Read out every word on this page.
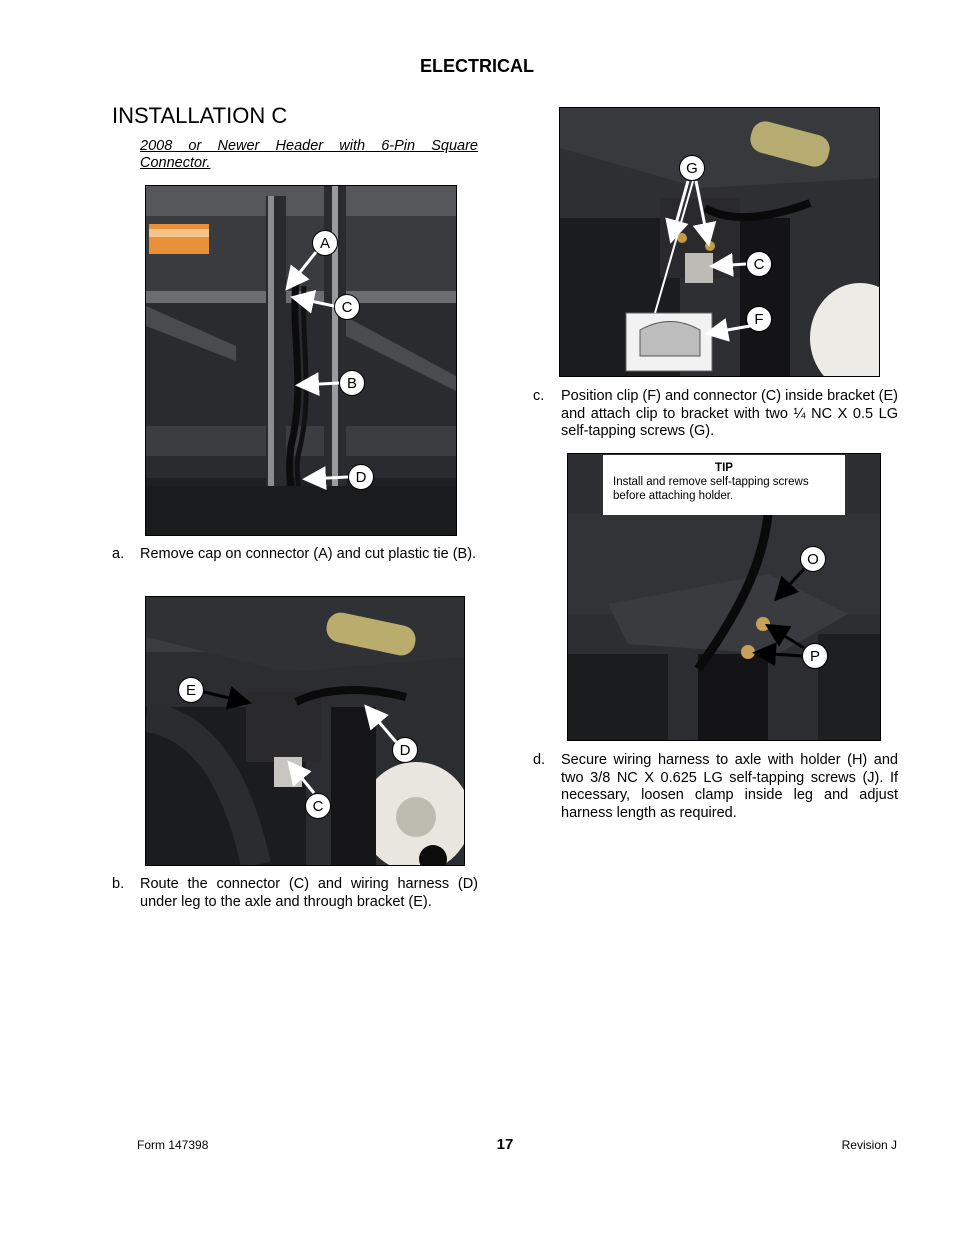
ELECTRICAL
INSTALLATION C
2008 or Newer Header with 6-Pin Square
Connector.
A
C
B
D
a. Remove cap on connector (A) and cut plastic tie (B).
E
D
C
b. Route the connector (C) and wiring harness (D) under leg to the axle and through bracket (E).
G
C
F
c. Position clip (F) and connector (C) inside bracket (E) and attach clip to bracket with two ¼ NC X 0.5 LG self-tapping screws (G).
TIP
Install and remove self-tapping screws
before attaching holder.
O
P
d. Secure wiring harness to axle with holder (H) and two 3/8 NC X 0.625 LG self-tapping screws (J). If necessary, loosen clamp inside leg and adjust harness length as required.
Form 147398	17	Revision J
